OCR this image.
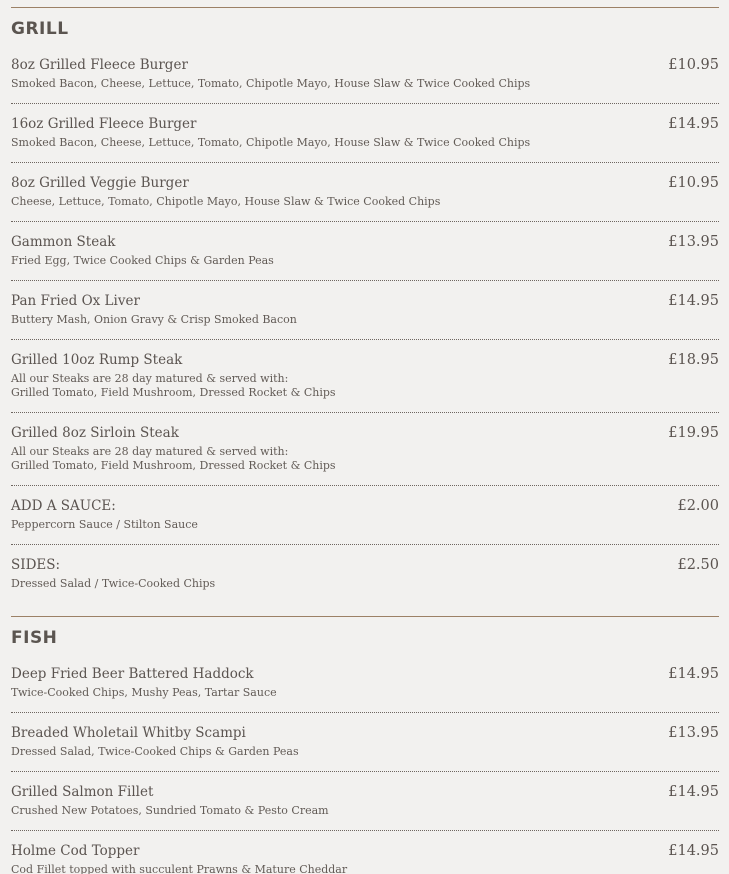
GRILL
8oz Grilled Fleece Burger	£10.95
Smoked Bacon, Cheese, Lettuce, Tomato, Chipotle Mayo, House Slaw & Twice Cooked Chips
16oz Grilled Fleece Burger	£14.95
Smoked Bacon, Cheese, Lettuce, Tomato, Chipotle Mayo, House Slaw & Twice Cooked Chips
8oz Grilled Veggie Burger	£10.95
Cheese, Lettuce, Tomato, Chipotle Mayo, House Slaw & Twice Cooked Chips
Gammon Steak	£13.95
Fried Egg, Twice Cooked Chips & Garden Peas
Pan Fried Ox Liver	£14.95
Buttery Mash, Onion Gravy & Crisp Smoked Bacon
Grilled 10oz Rump Steak	£18.95
All our Steaks are 28 day matured & served with:
Grilled Tomato, Field Mushroom, Dressed Rocket & Chips
Grilled 8oz Sirloin Steak	£19.95
All our Steaks are 28 day matured & served with:
Grilled Tomato, Field Mushroom, Dressed Rocket & Chips
ADD A SAUCE:	£2.00
Peppercorn Sauce / Stilton Sauce
SIDES:	£2.50
Dressed Salad / Twice-Cooked Chips
FISH
Deep Fried Beer Battered Haddock	£14.95
Twice-Cooked Chips, Mushy Peas, Tartar Sauce
Breaded Wholetail Whitby Scampi	£13.95
Dressed Salad, Twice-Cooked Chips & Garden Peas
Grilled Salmon Fillet	£14.95
Crushed New Potatoes, Sundried Tomato & Pesto Cream
Holme Cod Topper	£14.95
Cod Fillet topped with succulent Prawns & Mature Cheddar
